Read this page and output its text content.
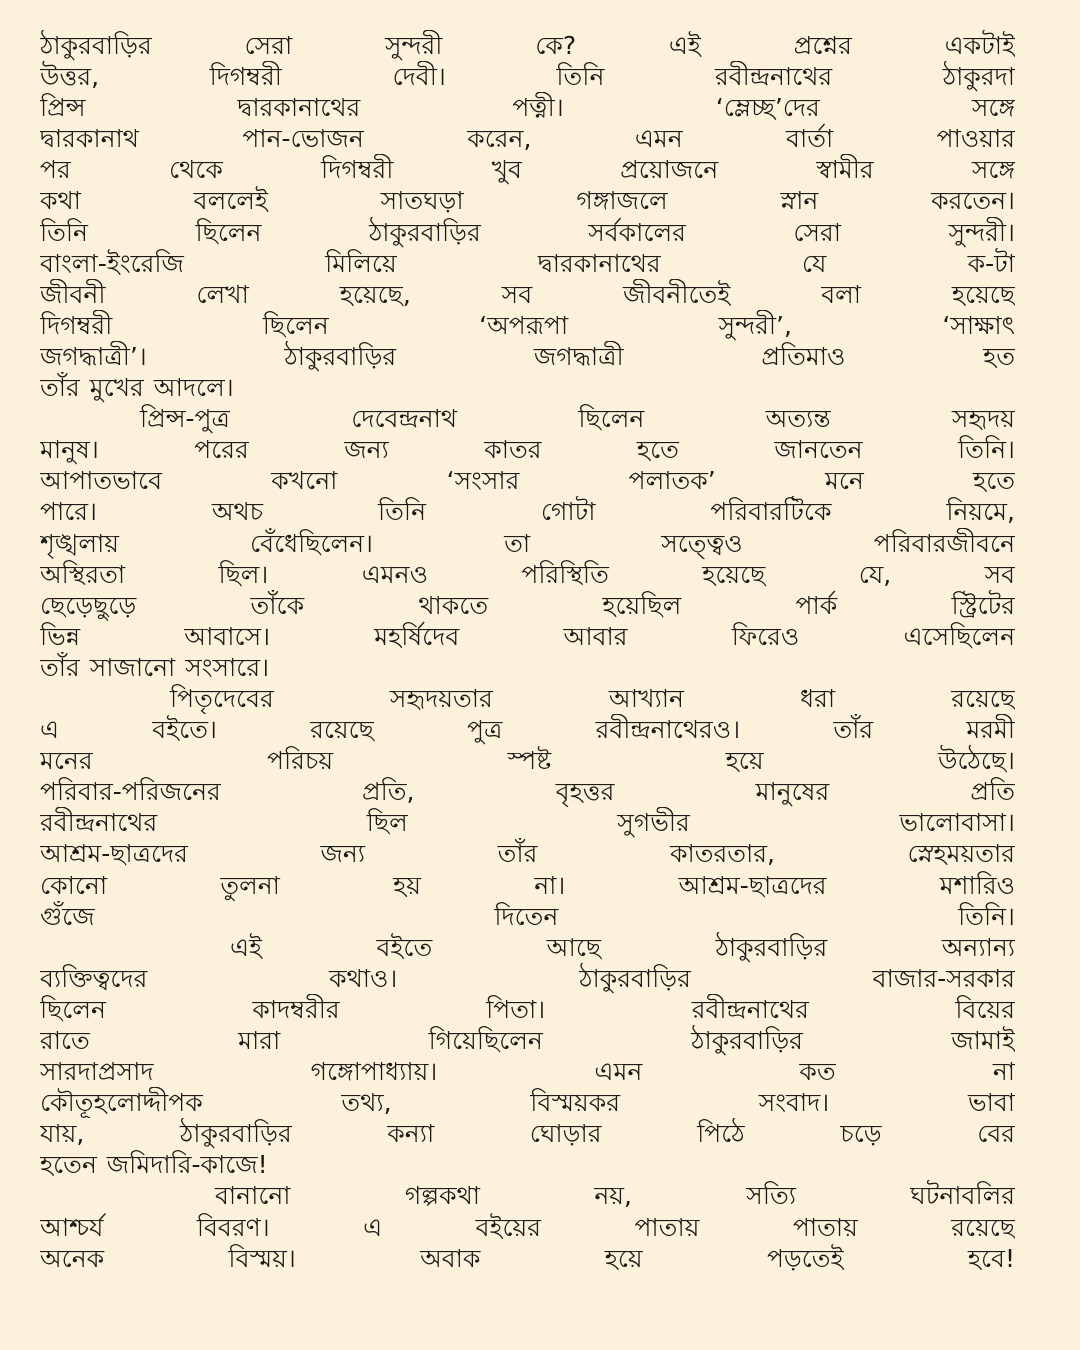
ঠাকুরবাড়ির সেরা সুন্দরী কে? এই প্রশ্নের একটাই
উত্তর, দিগম্বরী দেবী। তিনি রবীন্দ্রনাথের ঠাকুরদা
প্রিন্স দ্বারকানাথের পত্নী। ‘ম্লেচ্ছ’দের সঙ্গে
দ্বারকানাথ পান-ভোজন করেন, এমন বার্তা পাওয়ার
পর থেকে দিগম্বরী খুব প্রয়োজনে স্বামীর সঙ্গে
কথা বললেই সাতঘড়া গঙ্গাজলে স্নান করতেন।
তিনি ছিলেন ঠাকুরবাড়ির সর্বকালের সেরা সুন্দরী।
বাংলা-ইংরেজি মিলিয়ে দ্বারকানাথের যে ক-টা
জীবনী লেখা হয়েছে, সব জীবনীতেই বলা হয়েছে
দিগম্বরী ছিলেন ‘অপরূপা সুন্দরী’, ‘সাক্ষাৎ
জগদ্ধাত্রী’। ঠাকুরবাড়ির জগদ্ধাত্রী প্রতিমাও হত
তাঁর মুখের আদলে।
প্রিন্স-পুত্র দেবেন্দ্রনাথ ছিলেন অত্যন্ত সহৃদয়
মানুষ। পরের জন্য কাতর হতে জানতেন তিনি।
আপাতভাবে কখনো ‘সংসার পলাতক’ মনে হতে
পারে। অথচ তিনি গোটা পরিবারটিকে নিয়মে,
শৃঙ্খলায় বেঁধেছিলেন। তা সত্ত্বেও পরিবারজীবনে
অস্থিরতা ছিল। এমনও পরিস্থিতি হয়েছে যে, সব
ছেড়েছুড়ে তাঁকে থাকতে হয়েছিল পার্ক স্ট্রিটের
ভিন্ন আবাসে। মহর্ষিদেব আবার ফিরেও এসেছিলেন
তাঁর সাজানো সংসারে।
পিতৃদেবের সহৃদয়তার আখ্যান ধরা রয়েছে
এ বইতে। রয়েছে পুত্র রবীন্দ্রনাথেরও। তাঁর মরমী
মনের পরিচয় স্পষ্ট হয়ে উঠেছে।
পরিবার-পরিজনের প্রতি, বৃহত্তর মানুষের প্রতি
রবীন্দ্রনাথের ছিল সুগভীর ভালোবাসা।
আশ্রম-ছাত্রদের জন্য তাঁর কাতরতার, স্নেহময়তার
কোনো তুলনা হয় না। আশ্রম-ছাত্রদের মশারিও
গুঁজে দিতেন তিনি।
এই বইতে আছে ঠাকুরবাড়ির অন্যান্য
ব্যক্তিত্বদের কথাও। ঠাকুরবাড়ির বাজার-সরকার
ছিলেন কাদম্বরীর পিতা। রবীন্দ্রনাথের বিয়ের
রাতে মারা গিয়েছিলেন ঠাকুরবাড়ির জামাই
সারদাপ্রসাদ গঙ্গোপাধ্যায়। এমন কত না
কৌতূহলোদ্দীপক তথ্য, বিস্ময়কর সংবাদ। ভাবা
যায়, ঠাকুরবাড়ির কন্যা ঘোড়ার পিঠে চড়ে বের
হতেন জমিদারি-কাজে!
বানানো গল্পকথা নয়, সত্যি ঘটনাবলির
আশ্চর্য বিবরণ। এ বইয়ের পাতায় পাতায় রয়েছে
অনেক বিস্ময়। অবাক হয়ে পড়তেই হবে!
